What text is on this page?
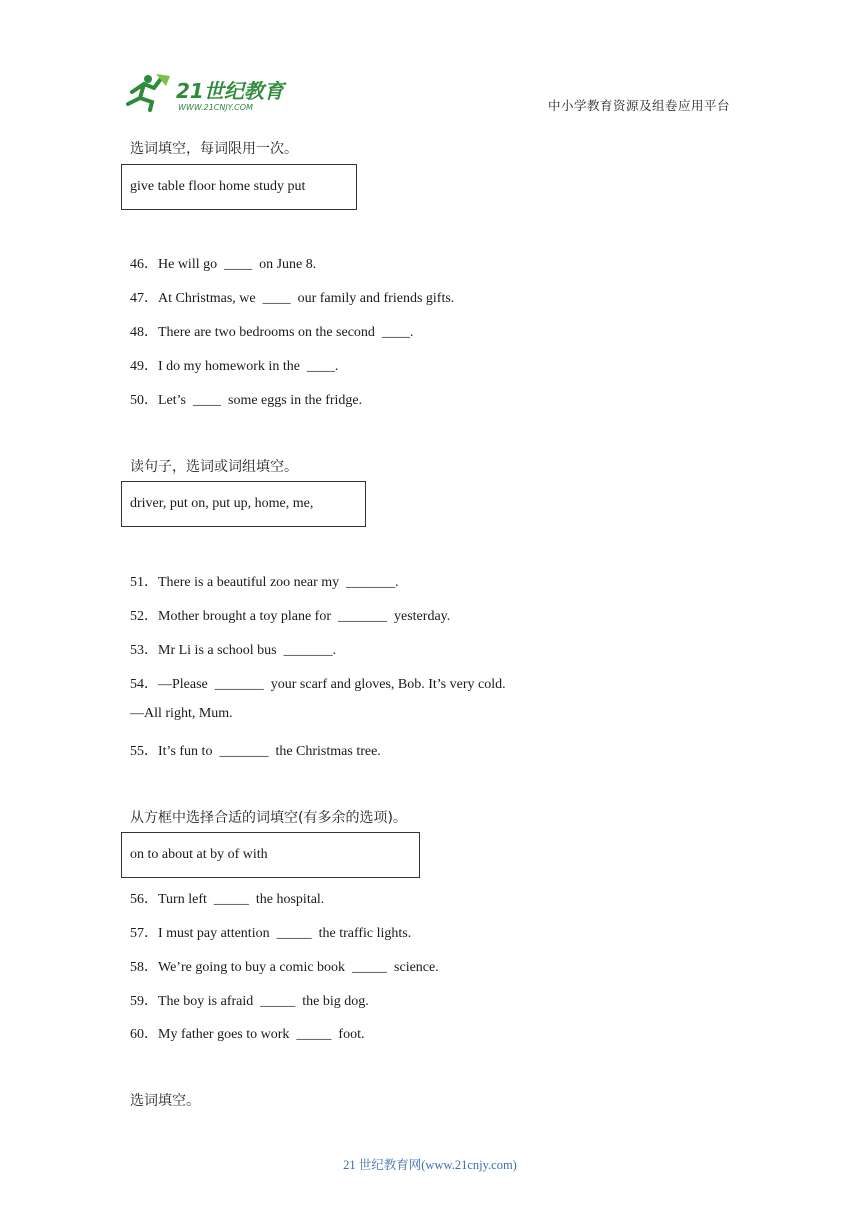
21世纪教育
WWW.21CNJY.COM	中小学教育资源及组卷应用平台
选词填空，每词限用一次。
give table floor home study put
46．He will go  ____  on June 8.
47．At Christmas, we  ____  our family and friends gifts.
48．There are two bedrooms on the second  ____.
49．I do my homework in the  ____.
50．Let’s  ____  some eggs in the fridge.
读句子，选词或词组填空。
driver, put on, put up, home, me,
51．There is a beautiful zoo near my  _______.
52．Mother brought a toy plane for  _______  yesterday.
53．Mr Li is a school bus  _______.
54．—Please  _______  your scarf and gloves, Bob. It’s very cold.
—All right, Mum.
55．It’s fun to  _______  the Christmas tree.
从方框中选择合适的词填空(有多余的选项)。
on to about at by of with
56．Turn left  _____  the hospital.
57．I must pay attention  _____  the traffic lights.
58．We’re going to buy a comic book  _____  science.
59．The boy is afraid  _____  the big dog.
60．My father goes to work  _____  foot.
选词填空。
21 世纪教育网(www.21cnjy.com)
